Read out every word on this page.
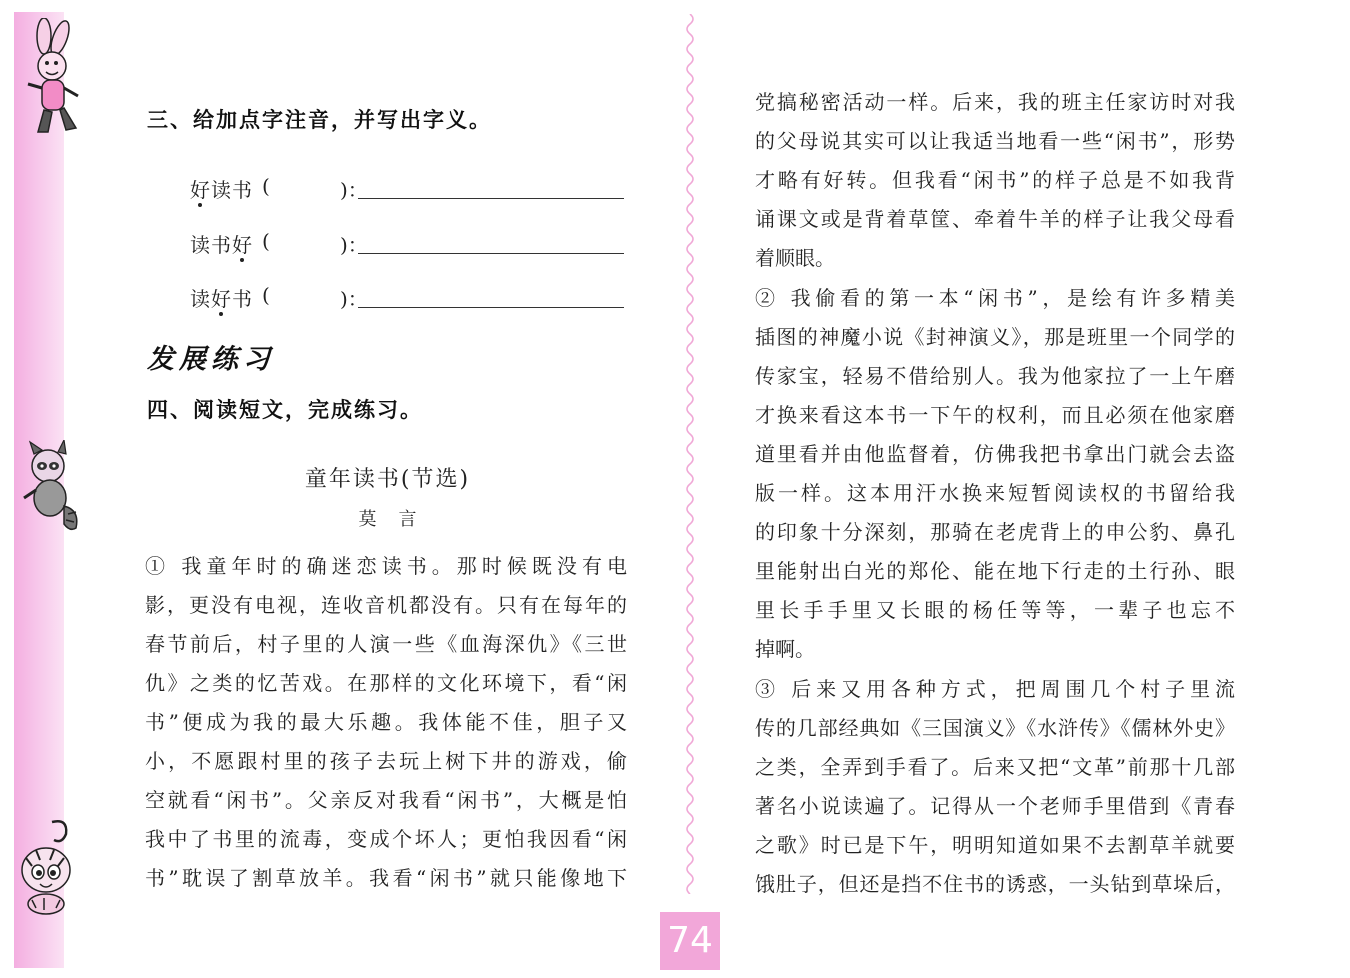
三、给加点字注音，并写出字义。
好读书 (	)：
读书好 (	)：
读好书 (	)：
发展练习
四、阅读短文，完成练习。
童年读书(节选)
莫言
① 我童年时的确迷恋读书。那时候既没有电
影，更没有电视，连收音机都没有。只有在每年的
春节前后，村子里的人演一些《血海深仇》《三世
仇》之类的忆苦戏。在那样的文化环境下，看“闲
书”便成为我的最大乐趣。我体能不佳，胆子又
小，不愿跟村里的孩子去玩上树下井的游戏，偷
空就看“闲书”。父亲反对我看“闲书”，大概是怕
我中了书里的流毒，变成个坏人；更怕我因看“闲
书”耽误了割草放羊。我看“闲书”就只能像地下
党搞秘密活动一样。后来，我的班主任家访时对我
的父母说其实可以让我适当地看一些“闲书”，形势
才略有好转。但我看“闲书”的样子总是不如我背
诵课文或是背着草筐、牵着牛羊的样子让我父母看
着顺眼。
② 我偷看的第一本“闲书”，是绘有许多精美
插图的神魔小说《封神演义》，那是班里一个同学的
传家宝，轻易不借给别人。我为他家拉了一上午磨
才换来看这本书一下午的权利，而且必须在他家磨
道里看并由他监督着，仿佛我把书拿出门就会去盗
版一样。这本用汗水换来短暂阅读权的书留给我
的印象十分深刻，那骑在老虎背上的申公豹、鼻孔
里能射出白光的郑伦、能在地下行走的土行孙、眼
里长手手里又长眼的杨任等等，一辈子也忘不
掉啊。
③ 后来又用各种方式，把周围几个村子里流
传的几部经典如《三国演义》《水浒传》《儒林外史》
之类，全弄到手看了。后来又把“文革”前那十几部
著名小说读遍了。记得从一个老师手里借到《青春
之歌》时已是下午，明明知道如果不去割草羊就要
饿肚子，但还是挡不住书的诱惑，一头钻到草垛后，
74
